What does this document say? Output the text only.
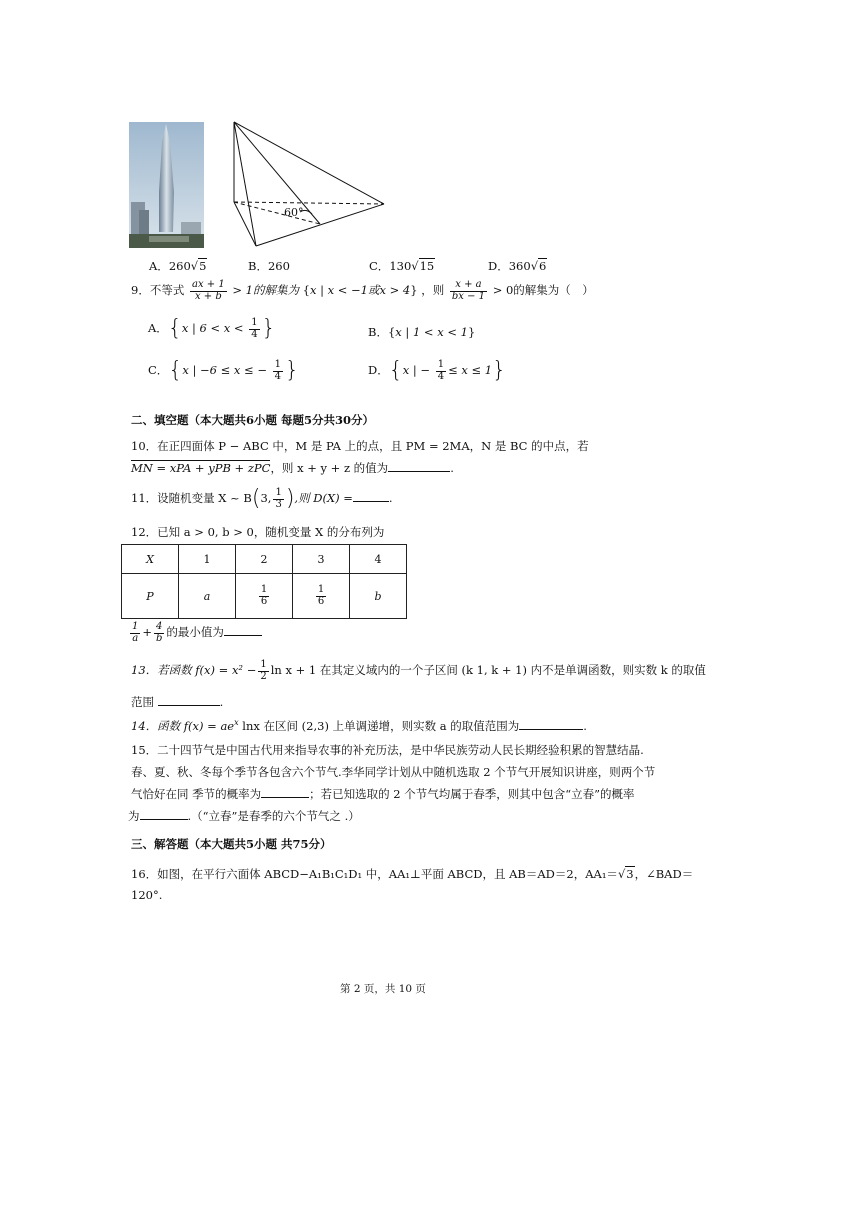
60°
A．260√5	B．260	C．130√15	D．360√6
9．不等式 $\frac{ax + 1}{x + b} > 1$的解集为 {x | x < −1或x > 4} ，则 $\frac{x + a}{bx - 1} > 0$的解集为（　）
A．{x | $6 < x < \frac{1}{4}$ }	B．{x | 1 < x < 1}
C．{x | −6 ≤ x ≤ − $\frac{1}{4}$ }	D．{x | − $\frac{1}{4} \le x \le 1$}
二、填空题（本大题共6小题 每题5分共30分）
10．在正四面体 P − ABC 中，M 是 PA 上的点，且 PM = 2MA，N 是 BC 的中点，若
MN = xPA + yPB + zPC，则 x + y + z 的值为	.
11．设随机变量 X ~ B(3, $\frac{1}{3}$ ),则 D(X) =	.
12．已知 a > 0, b > 0，随机变量 X 的分布列为
X	1	2	3	4
P	a	$\frac{1}{6}$	$\frac{1}{6}$	b
$\frac{1}{a} + \frac{4}{b}$ 的最小值为
13．若函数 $f(x) = x^2 - \frac{1}{2}$ ln x + 1 在其定义域内的一个子区间 (k 1, k + 1) 内不是单调函数，则实数 k 的取值
范围	.
14．函数 $f(x) = ae^x$ lnx 在区间 (2,3) 上单调递增，则实数 a 的取值范围为	.
15．二十四节气是中国古代用来指导农事的补充历法，是中华民族劳动人民长期经验积累的智慧结晶.
春、夏、秋、冬每个季节各包含六个节气.李华同学计划从中随机选取 2 个节气开展知识讲座，则两个节
气恰好在同 季节的概率为	；若已知选取的 2 个节气均属于春季，则其中包含“立春”的概率
为	.（“立春”是春季的六个节气之 .）
三、解答题（本大题共5小题 共75分）
16．如图，在平行六面体 ABCD−A₁B₁C₁D₁ 中，AA₁⊥平面 ABCD，且 AB＝AD＝2，AA₁＝√3，∠BAD＝
120°.
第 2 页，共 10 页
